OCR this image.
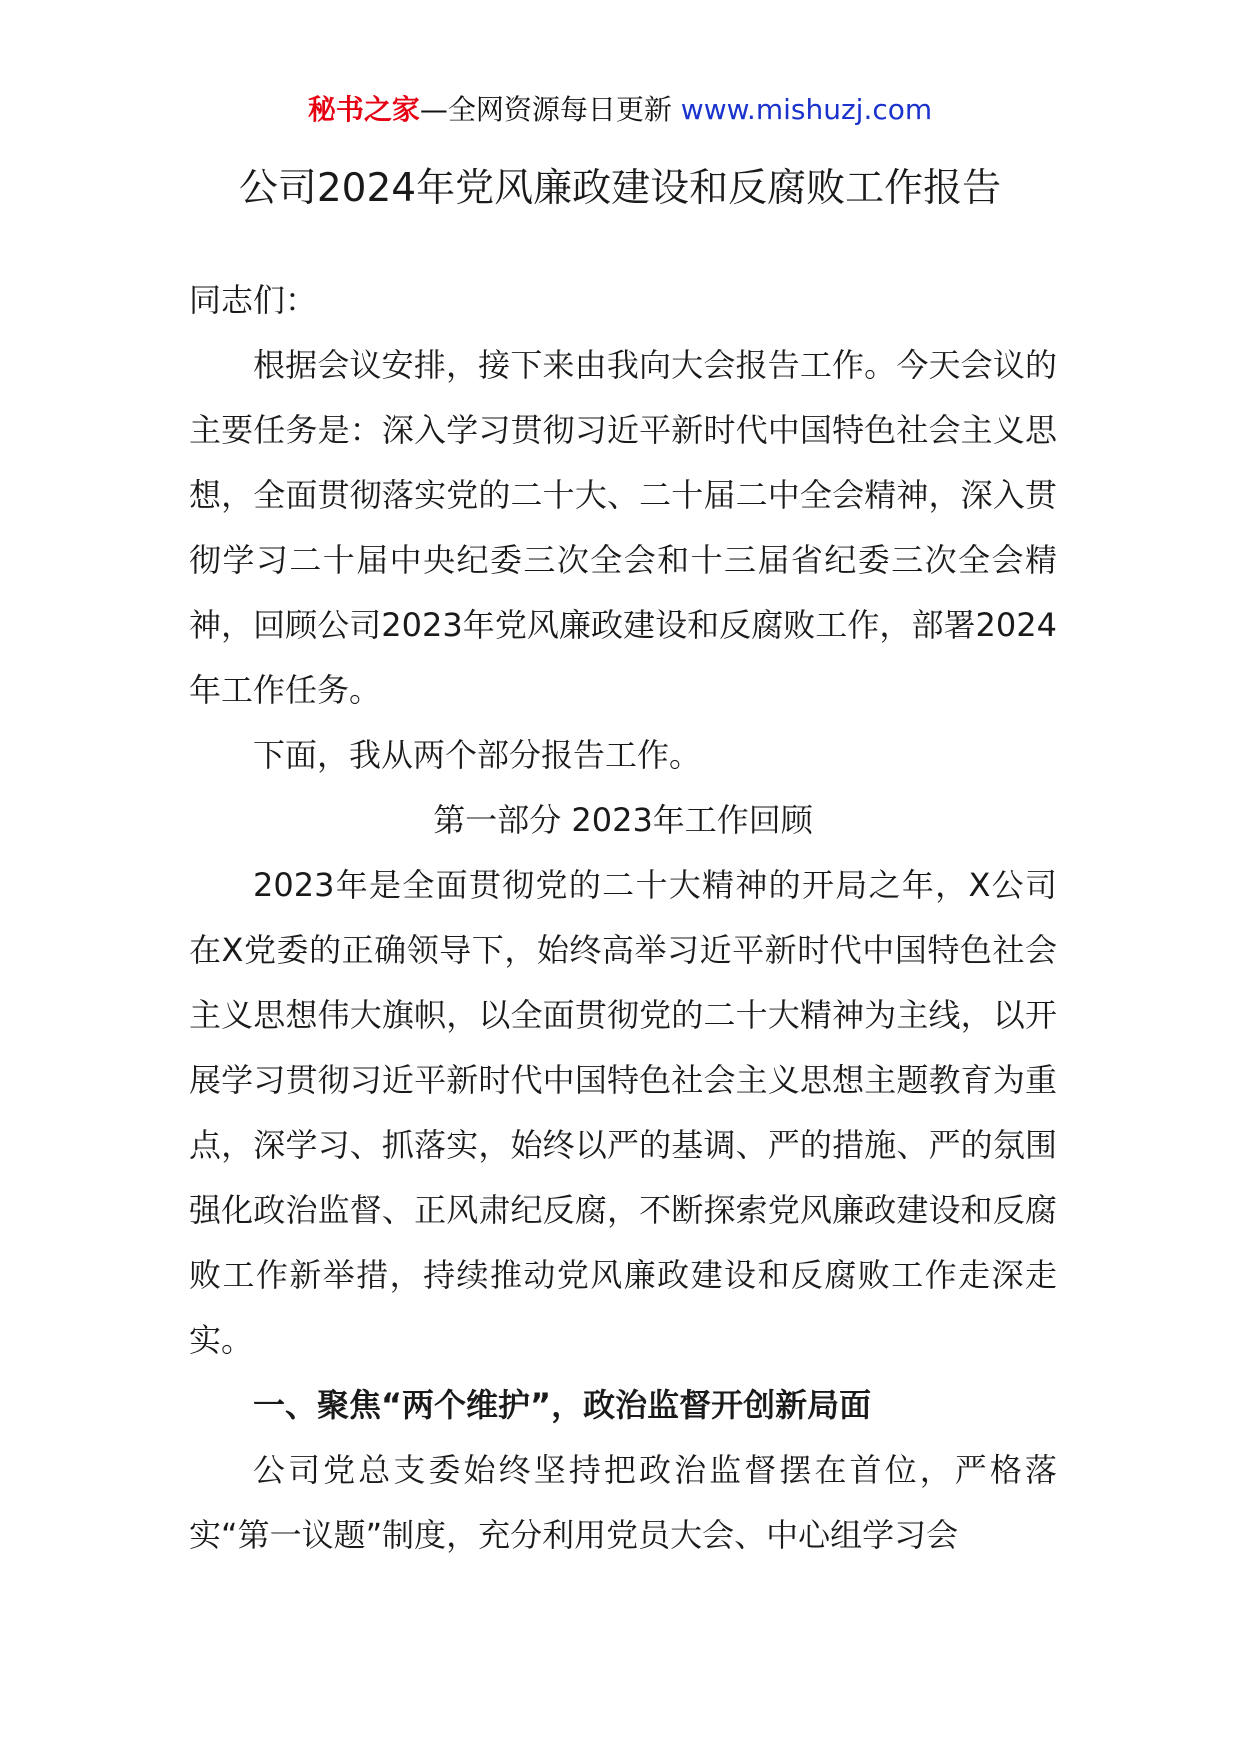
秘书之家—全网资源每日更新 www.mishuzj.com
公司2024年党风廉政建设和反腐败工作报告

同志们：

根据会议安排，接下来由我向大会报告工作。今天会议的主要任务是：深入学习贯彻习近平新时代中国特色社会主义思想，全面贯彻落实党的二十大、二十届二中全会精神，深入贯彻学习二十届中央纪委三次全会和十三届省纪委三次全会精神，回顾公司2023年党风廉政建设和反腐败工作，部署2024年工作任务。

下面，我从两个部分报告工作。

第一部分 2023年工作回顾

2023年是全面贯彻党的二十大精神的开局之年，X公司在X党委的正确领导下，始终高举习近平新时代中国特色社会主义思想伟大旗帜，以全面贯彻党的二十大精神为主线，以开展学习贯彻习近平新时代中国特色社会主义思想主题教育为重点，深学习、抓落实，始终以严的基调、严的措施、严的氛围强化政治监督、正风肃纪反腐，不断探索党风廉政建设和反腐败工作新举措，持续推动党风廉政建设和反腐败工作走深走实。

一、聚焦“两个维护”，政治监督开创新局面

公司党总支委始终坚持把政治监督摆在首位，严格落实“第一议题”制度，充分利用党员大会、中心组学习会
